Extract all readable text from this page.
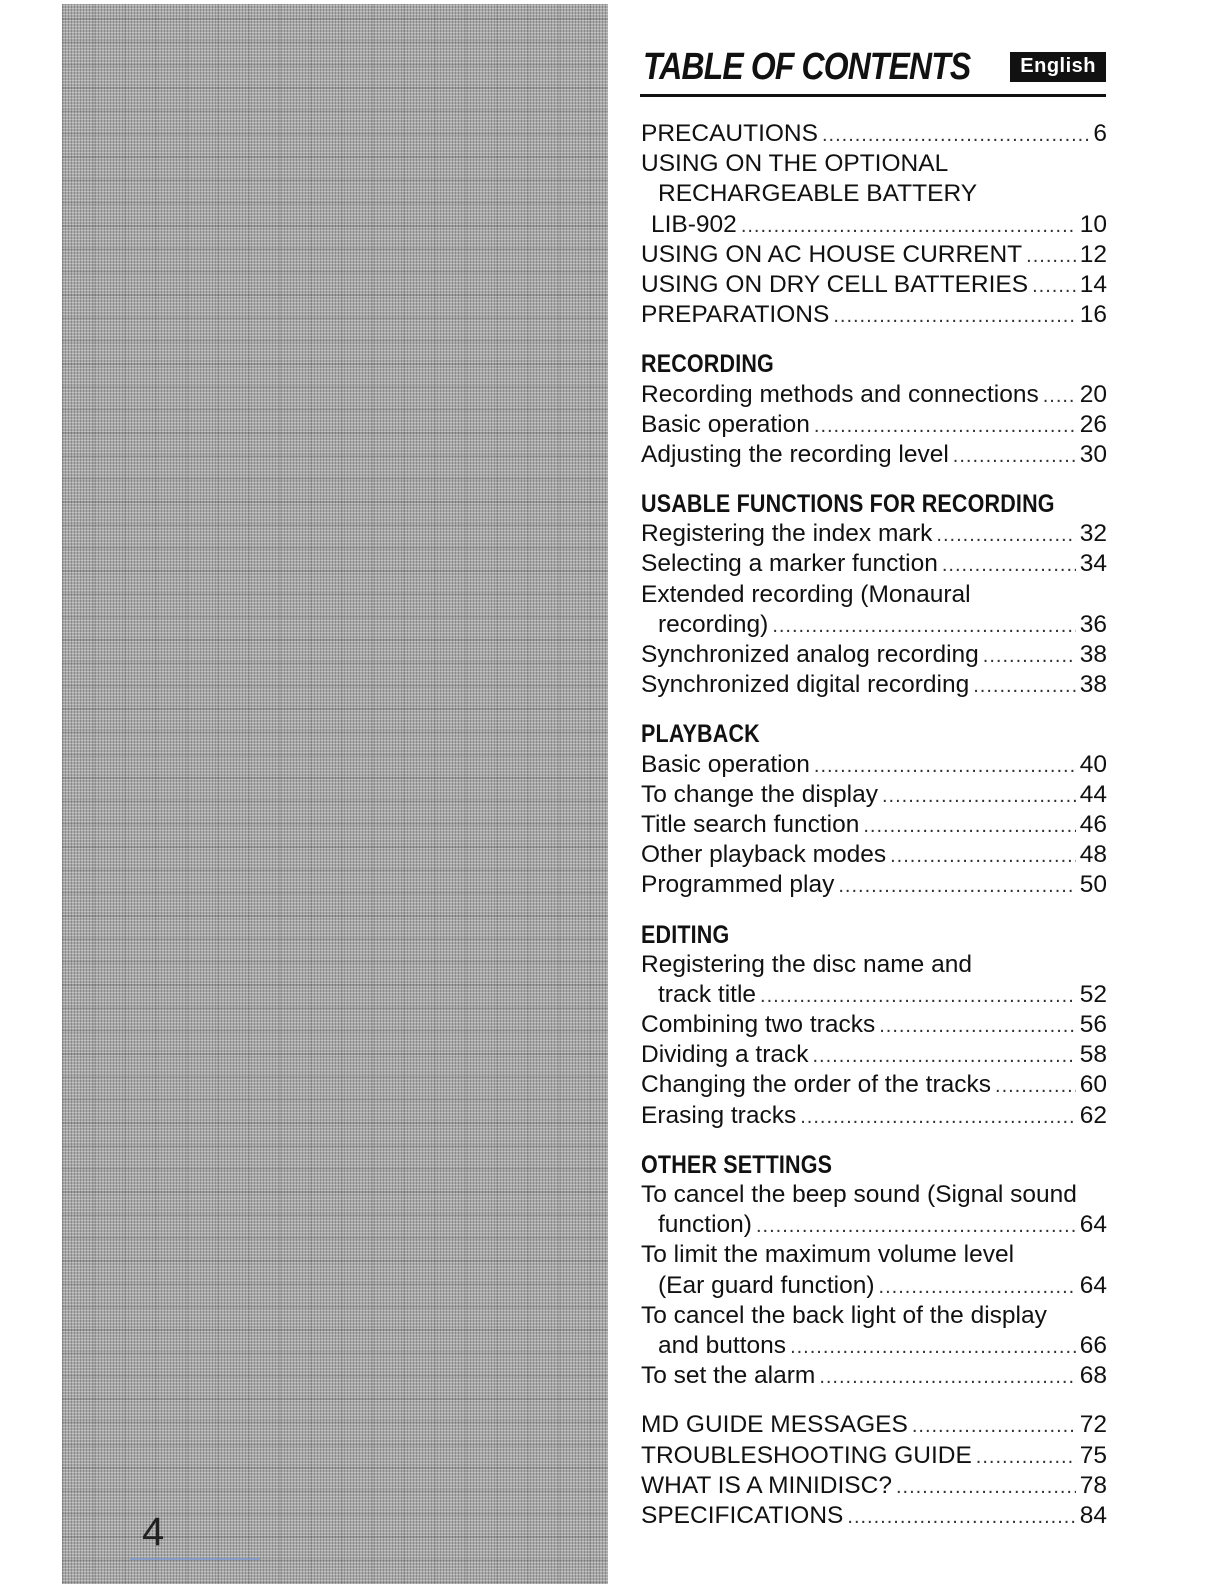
4
TABLE OF CONTENTS	English
PRECAUTIONS .....	6
USING ON THE OPTIONAL
RECHARGEABLE BATTERY
LIB-902 .....	10
USING ON AC HOUSE CURRENT ..... 12
USING ON DRY CELL BATTERIES ..... 14
PREPARATIONS .....	16
RECORDING
Recording methods and connections ..... 20
Basic operation .....	26
Adjusting the recording level .....	30
USABLE FUNCTIONS FOR RECORDING
Registering the index mark .....	32
Selecting a marker function .....	34
Extended recording (Monaural
recording) .....	36
Synchronized analog recording .....	38
Synchronized digital recording .....	38
PLAYBACK
Basic operation .....	40
To change the display .....	44
Title search function .....	46
Other playback modes .....	48
Programmed play .....	50
EDITING
Registering the disc name and
track title .....	52
Combining two tracks .....	56
Dividing a track .....	58
Changing the order of the tracks .....	60
Erasing tracks .....	62
OTHER SETTINGS
To cancel the beep sound (Signal sound
function) .....	64
To limit the maximum volume level
(Ear guard function) .....	64
To cancel the back light of the display
and buttons .....	66
To set the alarm .....	68
MD GUIDE MESSAGES .....	72
TROUBLESHOOTING GUIDE .....	75
WHAT IS A MINIDISC? .....	78
SPECIFICATIONS .....	84
